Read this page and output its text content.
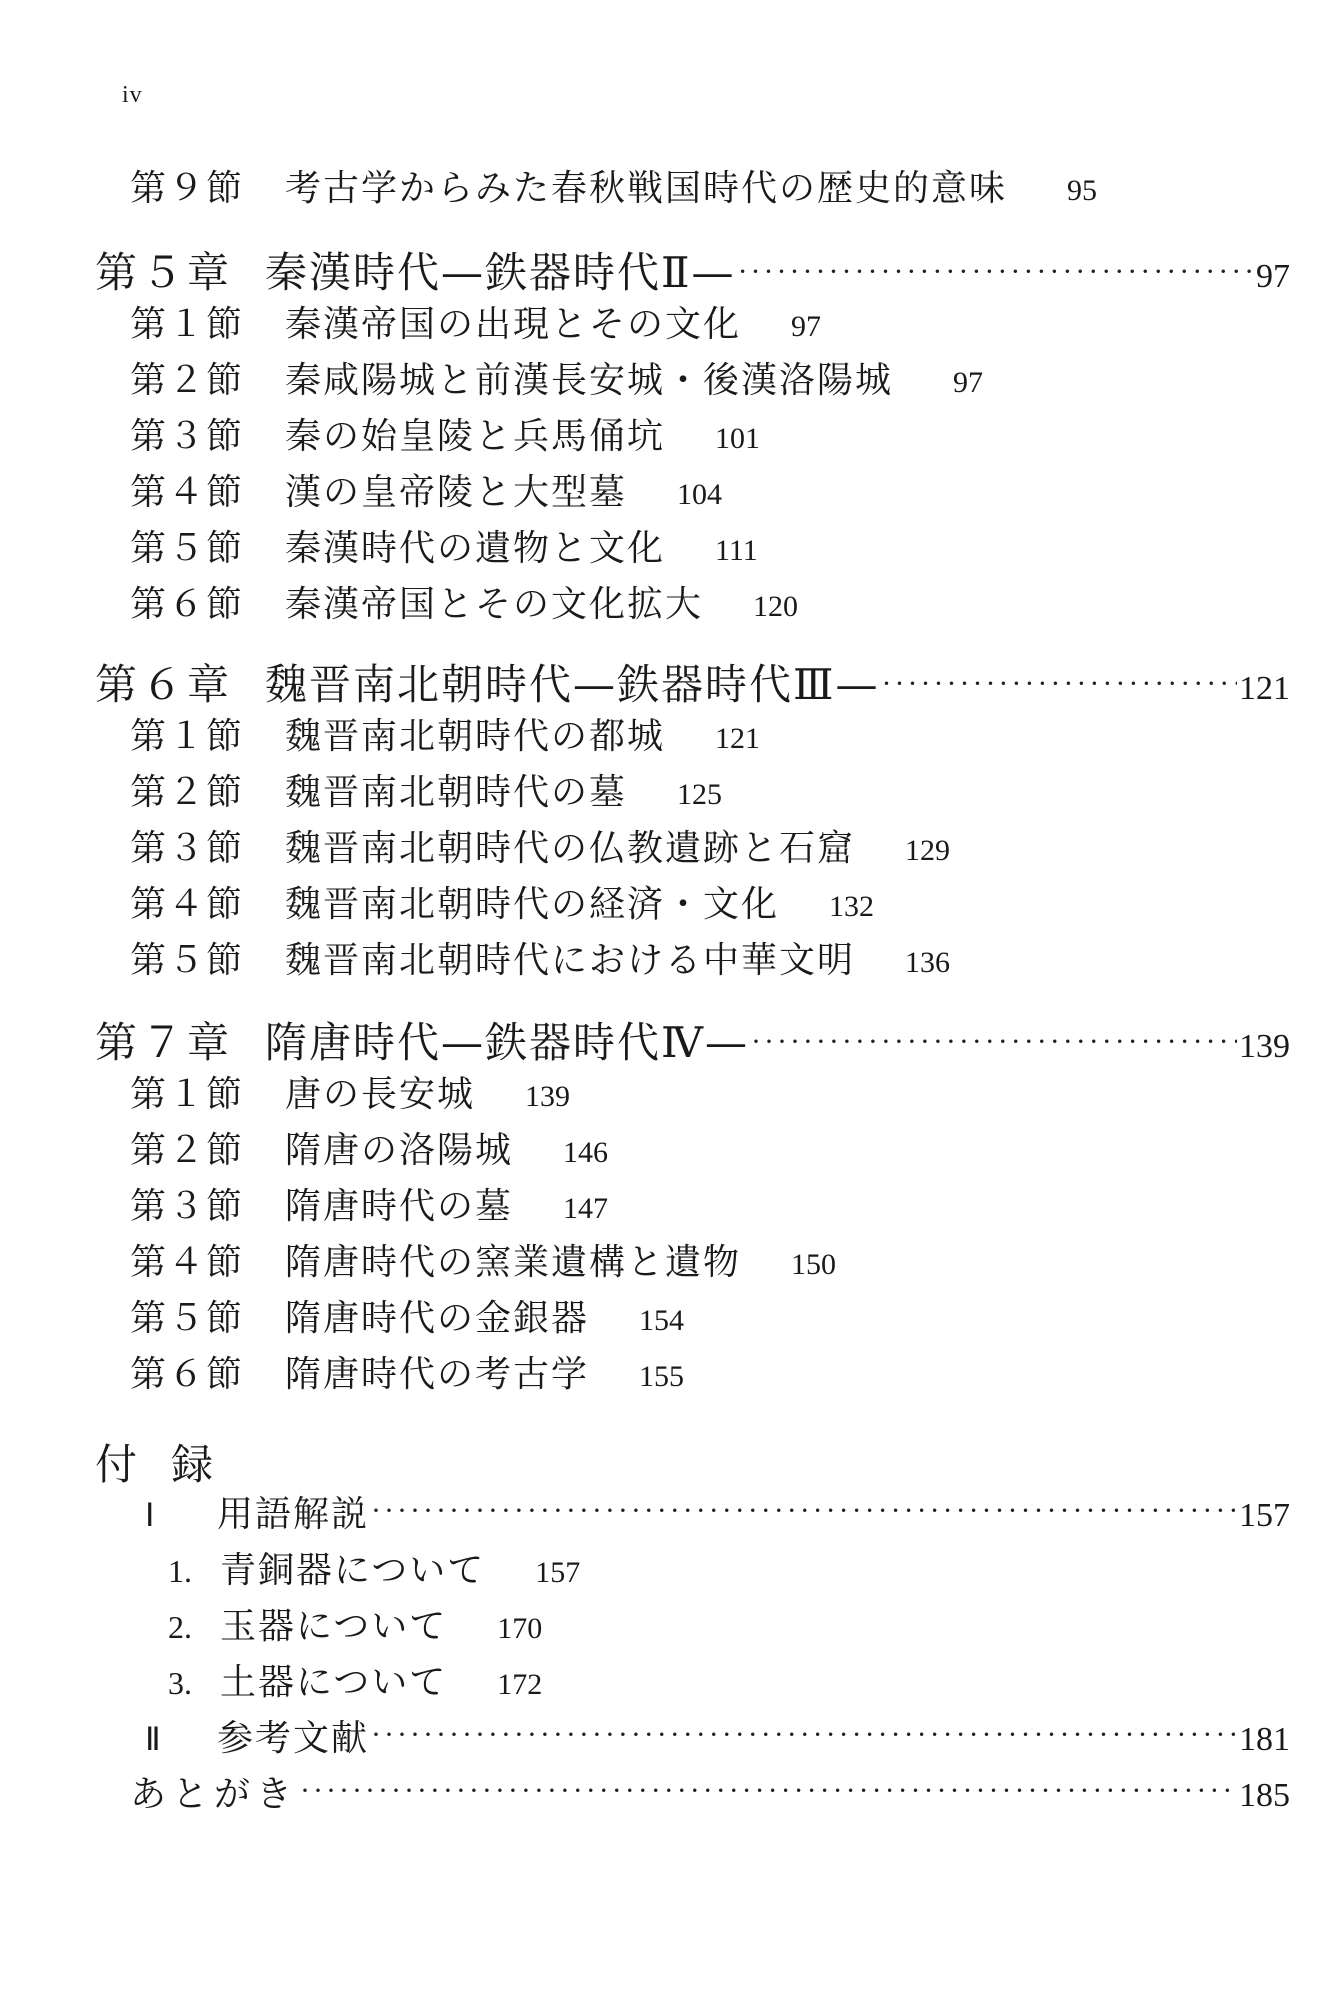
iv
第９節	考古学からみた春秋戦国時代の歴史的意味 95
第５章 秦漢時代—鉄器時代Ⅱ— ·····	97
第１節	秦漢帝国の出現とその文化 97
第２節	秦咸陽城と前漢長安城・後漢洛陽城 97
第３節	秦の始皇陵と兵馬俑坑 101
第４節	漢の皇帝陵と大型墓 104
第５節	秦漢時代の遺物と文化 111
第６節	秦漢帝国とその文化拡大 120
第６章 魏晋南北朝時代—鉄器時代Ⅲ— ·····	121
第１節	魏晋南北朝時代の都城 121
第２節	魏晋南北朝時代の墓 125
第３節	魏晋南北朝時代の仏教遺跡と石窟 129
第４節	魏晋南北朝時代の経済・文化 132
第５節	魏晋南北朝時代における中華文明 136
第７章 隋唐時代—鉄器時代Ⅳ— ·····	139
第１節	唐の長安城 139
第２節	隋唐の洛陽城 146
第３節	隋唐時代の墓 147
第４節	隋唐時代の窯業遺構と遺物 150
第５節	隋唐時代の金銀器 154
第６節	隋唐時代の考古学 155
付録
Ⅰ	用語解説 ·····	157
1. 青銅器について 157
2. 玉器について 170
3. 土器について 172
Ⅱ	参考文献 ·····	181
あとがき ·····	185
